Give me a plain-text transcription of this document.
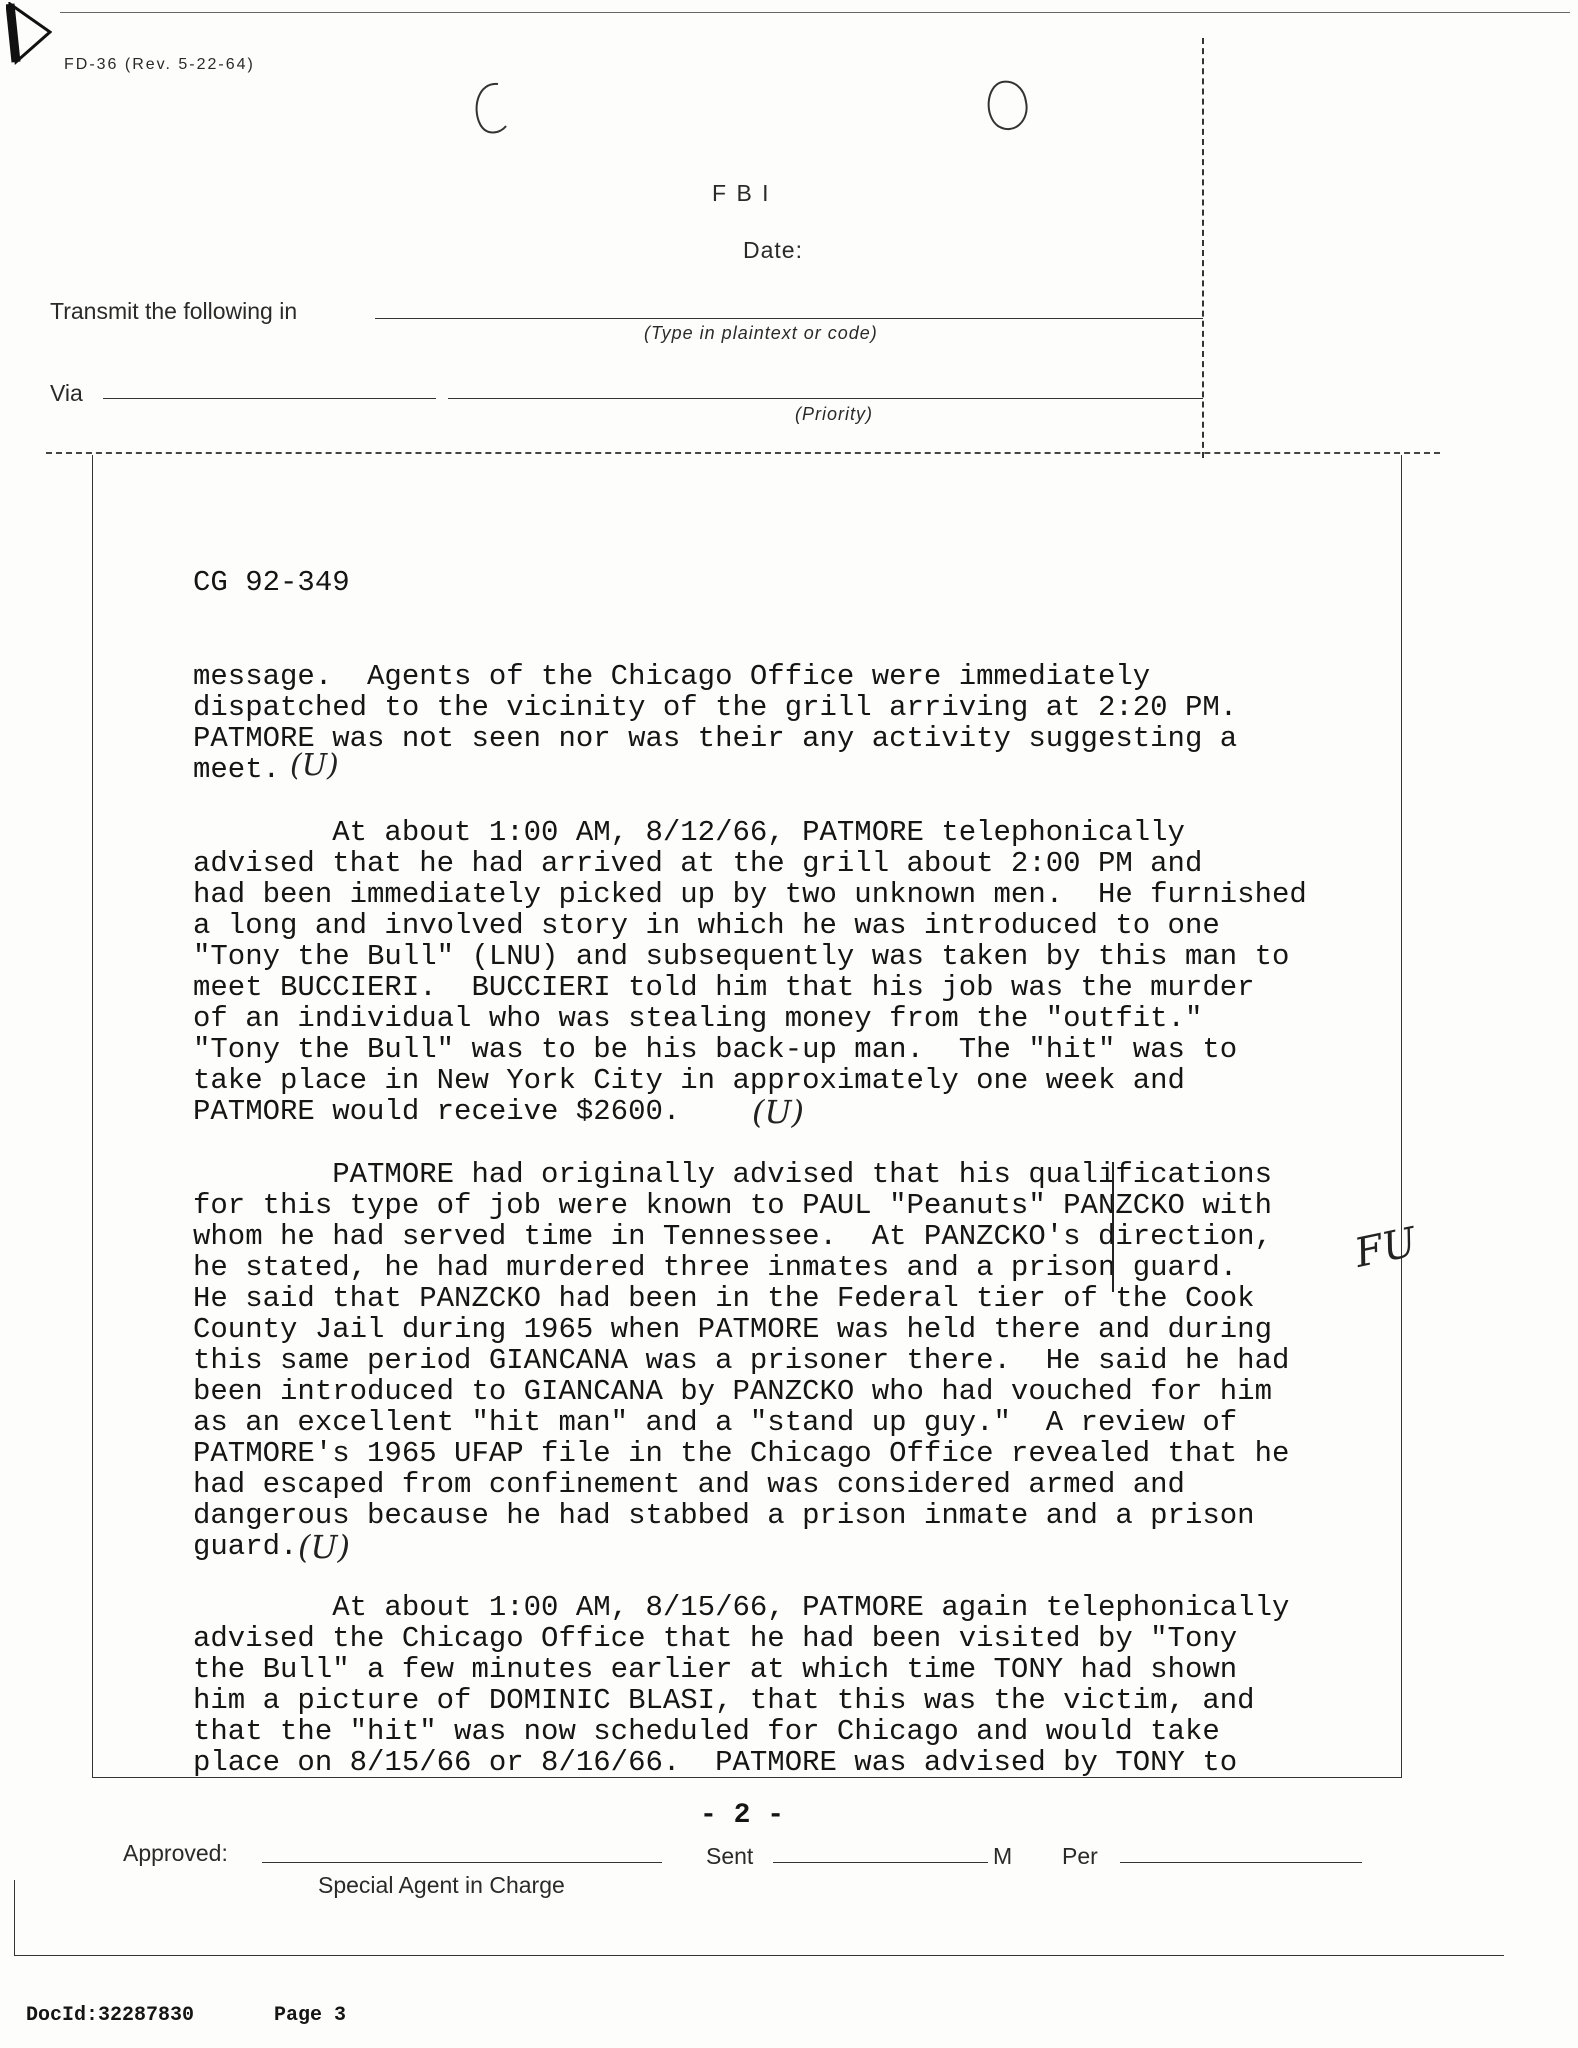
FD-36 (Rev. 5-22-64)
F B I
Date:
Transmit the following in
(Type in plaintext or code)
Via
(Priority)
CG 92-349
message.  Agents of the Chicago Office were immediately
dispatched to the vicinity of the grill arriving at 2:20 PM.
PATMORE was not seen nor was their any activity suggesting a
meet. (U)
At about 1:00 AM, 8/12/66, PATMORE telephonically
advised that he had arrived at the grill about 2:00 PM and
had been immediately picked up by two unknown men.  He furnished
a long and involved story in which he was introduced to one
"Tony the Bull" (LNU) and subsequently was taken by this man to
meet BUCCIERI.  BUCCIERI told him that his job was the murder
of an individual who was stealing money from the "outfit."
"Tony the Bull" was to be his back-up man.  The "hit" was to
take place in New York City in approximately one week and
PATMORE would receive $2600.	(U)
PATMORE had originally advised that his qualifications
for this type of job were known to PAUL "Peanuts" PANZCKO with
whom he had served time in Tennessee.  At PANZCKO's direction,
he stated, he had murdered three inmates and a prison guard.
He said that PANZCKO had been in the Federal tier of the Cook
County Jail during 1965 when PATMORE was held there and during
this same period GIANCANA was a prisoner there.  He said he had
been introduced to GIANCANA by PANZCKO who had vouched for him
as an excellent "hit man" and a "stand up guy."  A review of
PATMORE's 1965 UFAP file in the Chicago Office revealed that he
had escaped from confinement and was considered armed and
dangerous because he had stabbed a prison inmate and a prison
guard. (U)
FU
At about 1:00 AM, 8/15/66, PATMORE again telephonically
advised the Chicago Office that he had been visited by "Tony
the Bull" a few minutes earlier at which time TONY had shown
him a picture of DOMINIC BLASI, that this was the victim, and
that the "hit" was now scheduled for Chicago and would take
place on 8/15/66 or 8/16/66.  PATMORE was advised by TONY to
- 2 -
Approved:
Special Agent in Charge
Sent	M Per
DocId:32287830	Page 3
